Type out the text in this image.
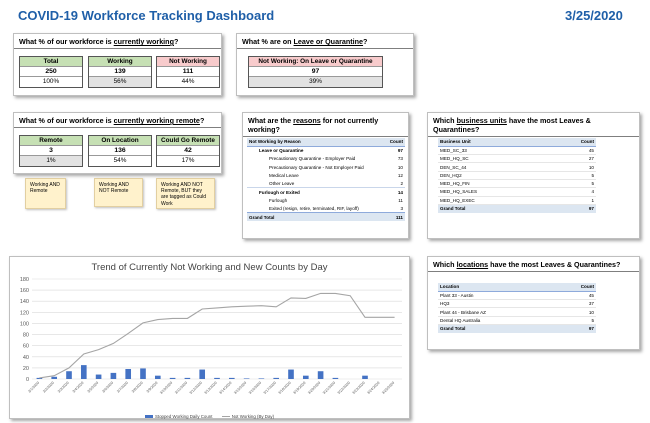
COVID-19 Workforce Tracking Dashboard	3/25/2020
What % of our workforce is currently working?
Total
250
100%
Working
139
56%
Not Working
111
44%
What % are on Leave or Quarantine?
Not Working: On Leave or Quarantine
97
39%
What % of our workforce is currently working remote?
Remote
3
1%
On Location
136
54%
Could Go Remote
42
17%
Working AND Remote
Working AND NOT Remote
Working AND NOT Remote, BUT they are tagged as Could Work
What are the reasons for not currently working?
Not Working by Reason	Count
Leave or Quarantine	97
Precautionary Quarantine - Employer Paid	73
Precautionary Quarantine - Not Employer Paid	10
Medical Leave	12
Other Leave	2
Furlough or Exited	14
Furlough	11
Exited (resign, retire, terminated, RIF, layoff)	3
Grand Total	111
Which business units have the most Leaves & Quarantines?
Business Unit	Count
MED_SC_33	45
MED_HQ_SC	27
DEN_SC_44	10
DEN_HQ2	5
MED_HQ_FIN	5
MED_HQ_SALES	4
MED_HQ_EXEC	1
Grand Total	97
Trend of Currently Not Working and New Counts by Day
0
20
40
60
80
100
120
140
160
180
3/1/2020 3/2/2020 3/3/2020 3/4/2020 3/5/2020 3/6/2020 3/7/2020 3/8/2020 3/9/2020 3/10/2020 3/11/2020 3/12/2020 3/13/2020 3/14/2020 3/15/2020 3/16/2020 3/17/2020 3/18/2020 3/19/2020 3/20/2020 3/21/2020 3/22/2020 3/23/2020 3/24/2020 3/25/2020
Stopped Working Daily Count	Not Working (By Day)
Which locations have the most Leaves & Quarantines?
Location	Count
Plant 33 - Austin	45
HQ3	37
Plant 44 - Brisbane AZ	10
Dental HQ Australia	5
Grand Total	97
